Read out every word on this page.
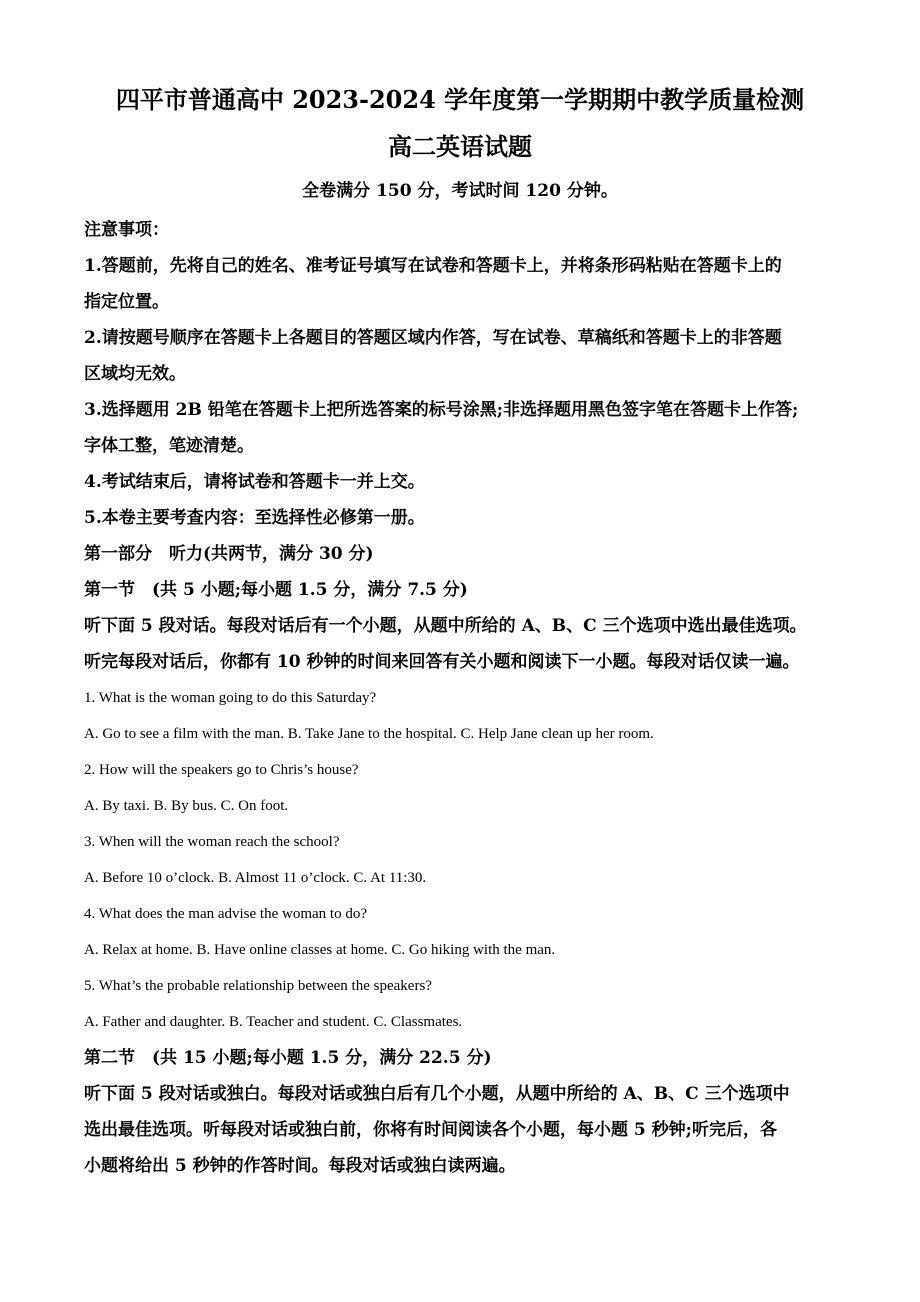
四平市普通高中 2023-2024 学年度第一学期期中教学质量检测
高二英语试题
全卷满分 150 分，考试时间 120 分钟。
注意事项：
1.答题前，先将自己的姓名、准考证号填写在试卷和答题卡上，并将条形码粘贴在答题卡上的
指定位置。
2.请按题号顺序在答题卡上各题目的答题区域内作答，写在试卷、草稿纸和答题卡上的非答题
区域均无效。
3.选择题用 2B 铅笔在答题卡上把所选答案的标号涂黑;非选择题用黑色签字笔在答题卡上作答;
字体工整，笔迹清楚。
4.考试结束后，请将试卷和答题卡一并上交。
5.本卷主要考查内容：至选择性必修第一册。
第一部分　听力(共两节，满分 30 分)
第一节　(共 5 小题;每小题 1.5 分，满分 7.5 分)
听下面 5 段对话。每段对话后有一个小题，从题中所给的 A、B、C 三个选项中选出最佳选项。
听完每段对话后，你都有 10 秒钟的时间来回答有关小题和阅读下一小题。每段对话仅读一遍。
1. What is the woman going to do this Saturday?
A. Go to see a film with the man. B. Take Jane to the hospital. C. Help Jane clean up her room.
2. How will the speakers go to Chris’s house?
A. By taxi. B. By bus. C. On foot.
3. When will the woman reach the school?
A. Before 10 o’clock. B. Almost 11 o’clock. C. At 11:30.
4. What does the man advise the woman to do?
A. Relax at home. B. Have online classes at home. C. Go hiking with the man.
5. What’s the probable relationship between the speakers?
A. Father and daughter. B. Teacher and student. C. Classmates.
第二节　(共 15 小题;每小题 1.5 分，满分 22.5 分)
听下面 5 段对话或独白。每段对话或独白后有几个小题，从题中所给的 A、B、C 三个选项中
选出最佳选项。听每段对话或独白前，你将有时间阅读各个小题，每小题 5 秒钟;听完后，各
小题将给出 5 秒钟的作答时间。每段对话或独白读两遍。
